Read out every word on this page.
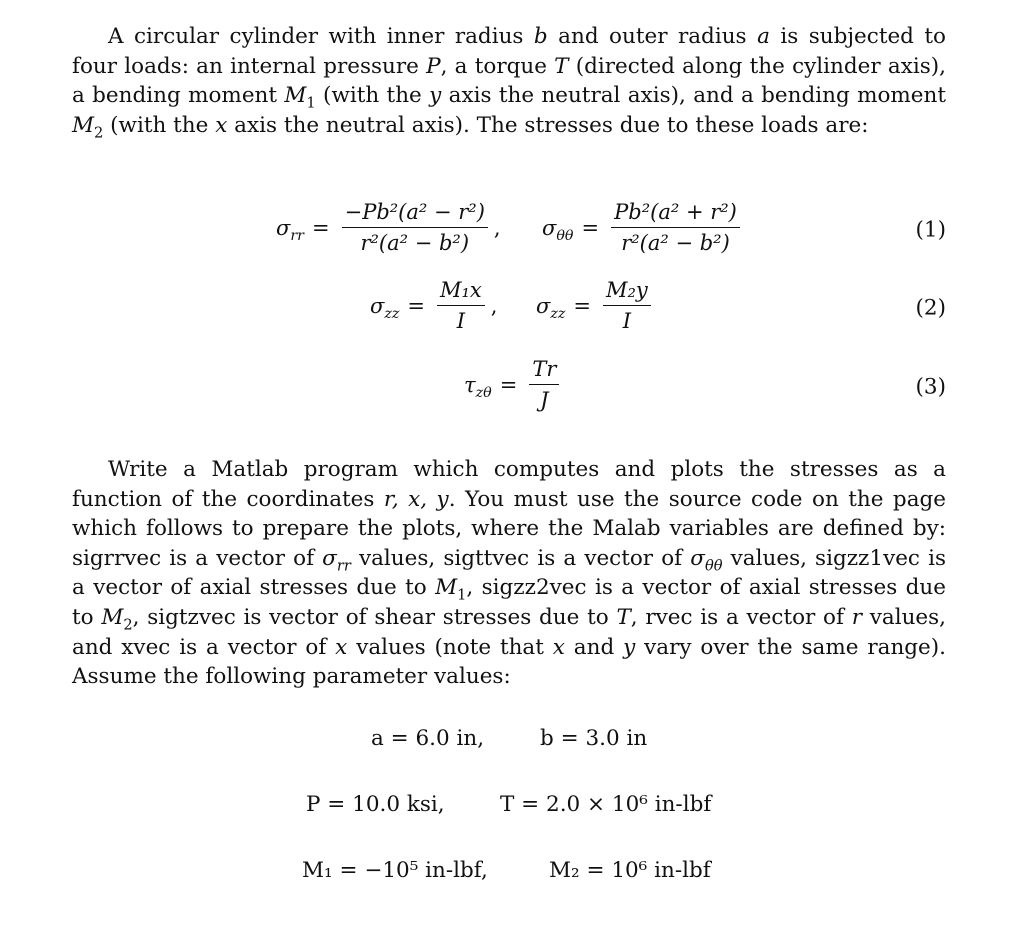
A circular cylinder with inner radius b and outer radius a is subjected to four loads: an internal pressure P, a torque T (directed along the cylinder axis), a bending moment $M_1$ (with the y axis the neutral axis), and a bending moment $M_2$ (with the x axis the neutral axis). The stresses due to these loads are:

$\sigma_{rr} = \frac{\text{−Pb²(a² − r²)}}{\text{r²(a² − b²)}}$ , $\sigma_{\theta\theta} = \frac{\text{Pb²(a² + r²)}}{\text{r²(a² − b²)}}$	(1)
$\sigma_{zz} = \frac{\text{M₁x}}{I}$ , $\sigma_{zz} = \frac{\text{M₂y}}{I}$	(2)
$\tau_{z\theta} = \frac{Tr}{J}$	(3)

Write a Matlab program which computes and plots the stresses as a function of the coordinates r, x, y. You must use the source code on the page which follows to prepare the plots, where the Malab variables are defined by: sigrrvec is a vector of $\sigma_{rr}$ values, sigttvec is a vector of $\sigma_{\theta\theta}$ values, sigzz1vec is a vector of axial stresses due to $M_1$, sigzz2vec is a vector of axial stresses due to $M_2$, sigtzvec is vector of shear stresses due to T, rvec is a vector of r values, and xvec is a vector of x values (note that x and y vary over the same range). Assume the following parameter values:

a = 6.0 in,	b = 3.0 in
P = 10.0 ksi,	T = 2.0 × 10⁶ in-lbf
M₁ = −10⁵ in-lbf,	M₂ = 10⁶ in-lbf
